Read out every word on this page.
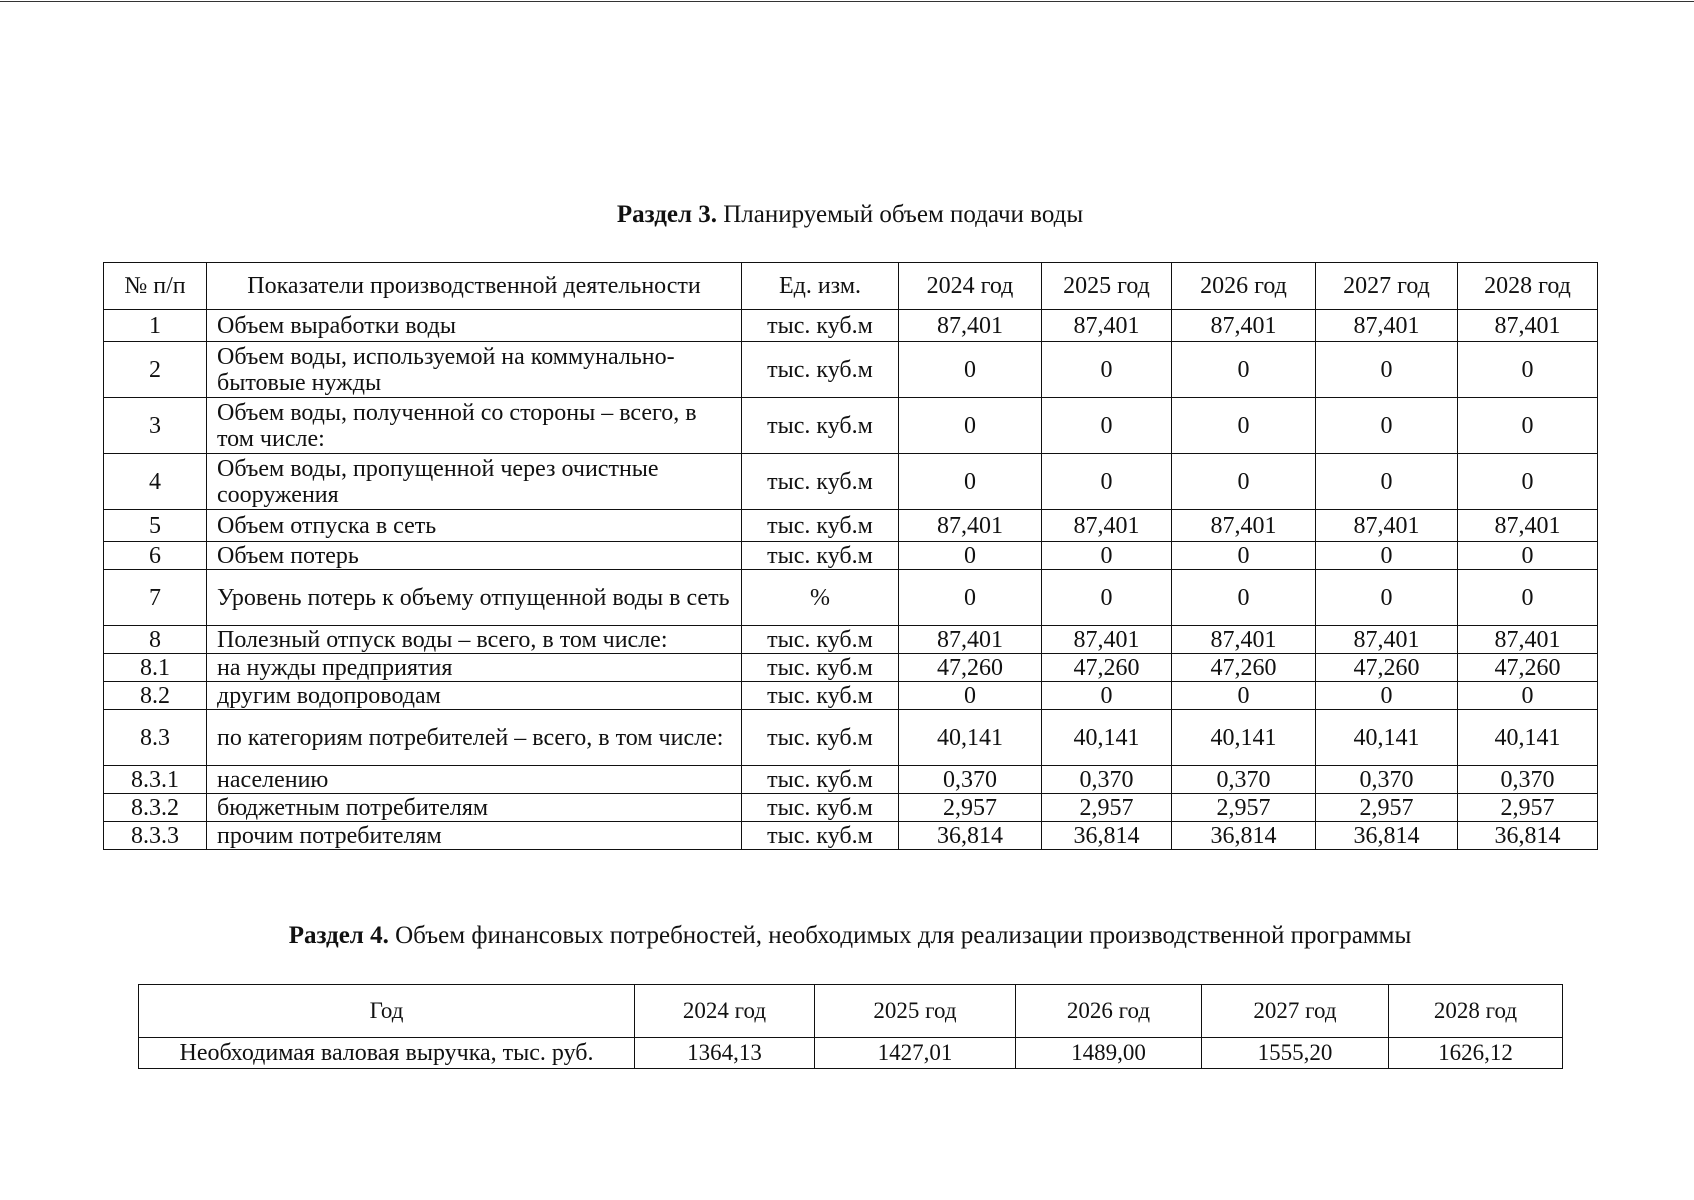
Раздел 3. Планируемый объем подачи воды
№ п/п	Показатели производственной деятельности	Ед. изм.	2024 год	2025 год	2026 год	2027 год	2028 год
1	Объем выработки воды	тыс. куб.м	87,401	87,401	87,401	87,401	87,401
2	Объем воды, используемой на коммунально-бытовые нужды	тыс. куб.м	0	0	0	0	0
3	Объем воды, полученной со стороны – всего, в том числе:	тыс. куб.м	0	0	0	0	0
4	Объем воды, пропущенной через очистные сооружения	тыс. куб.м	0	0	0	0	0
5	Объем отпуска в сеть	тыс. куб.м	87,401	87,401	87,401	87,401	87,401
6	Объем потерь	тыс. куб.м	0	0	0	0	0
7	Уровень потерь к объему отпущенной воды в сеть	%	0	0	0	0	0
8	Полезный отпуск воды – всего, в том числе:	тыс. куб.м	87,401	87,401	87,401	87,401	87,401
8.1	на нужды предприятия	тыс. куб.м	47,260	47,260	47,260	47,260	47,260
8.2	другим водопроводам	тыс. куб.м	0	0	0	0	0
8.3	по категориям потребителей – всего, в том числе:	тыс. куб.м	40,141	40,141	40,141	40,141	40,141
8.3.1	населению	тыс. куб.м	0,370	0,370	0,370	0,370	0,370
8.3.2	бюджетным потребителям	тыс. куб.м	2,957	2,957	2,957	2,957	2,957
8.3.3	прочим потребителям	тыс. куб.м	36,814	36,814	36,814	36,814	36,814
Раздел 4. Объем финансовых потребностей, необходимых для реализации производственной программы
Год	2024 год	2025 год	2026 год	2027 год	2028 год
Необходимая валовая выручка, тыс. руб.	1364,13	1427,01	1489,00	1555,20	1626,12
